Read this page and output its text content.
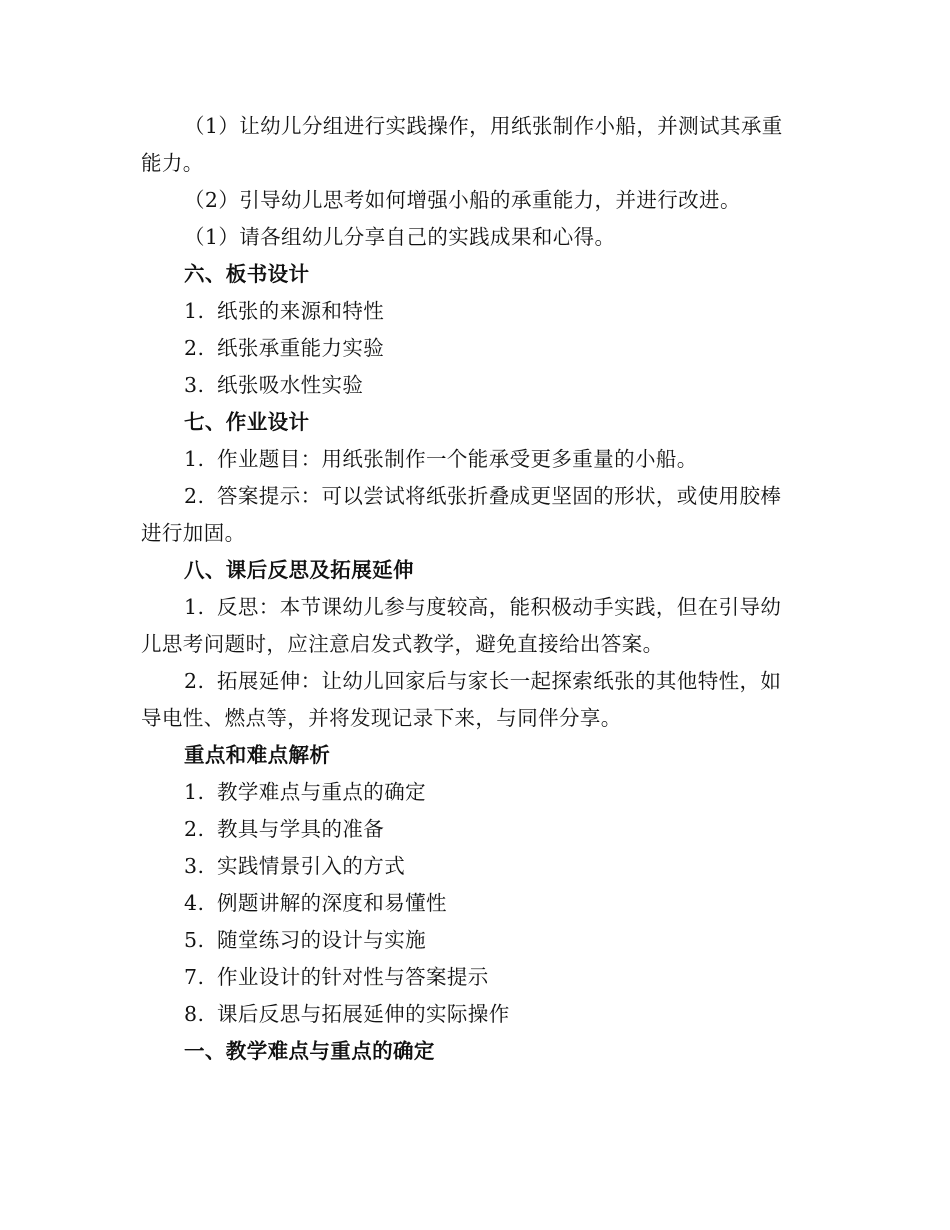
（1）让幼儿分组进行实践操作，用纸张制作小船，并测试其承重
能力。
（2）引导幼儿思考如何增强小船的承重能力，并进行改进。
（1）请各组幼儿分享自己的实践成果和心得。
六、板书设计
1. 纸张的来源和特性
2. 纸张承重能力实验
3. 纸张吸水性实验
七、作业设计
1. 作业题目：用纸张制作一个能承受更多重量的小船。
2. 答案提示：可以尝试将纸张折叠成更坚固的形状，或使用胶棒
进行加固。
八、课后反思及拓展延伸
1. 反思：本节课幼儿参与度较高，能积极动手实践，但在引导幼
儿思考问题时，应注意启发式教学，避免直接给出答案。
2. 拓展延伸：让幼儿回家后与家长一起探索纸张的其他特性，如
导电性、燃点等，并将发现记录下来，与同伴分享。
重点和难点解析
1. 教学难点与重点的确定
2. 教具与学具的准备
3. 实践情景引入的方式
4. 例题讲解的深度和易懂性
5. 随堂练习的设计与实施
7. 作业设计的针对性与答案提示
8. 课后反思与拓展延伸的实际操作
一、教学难点与重点的确定
